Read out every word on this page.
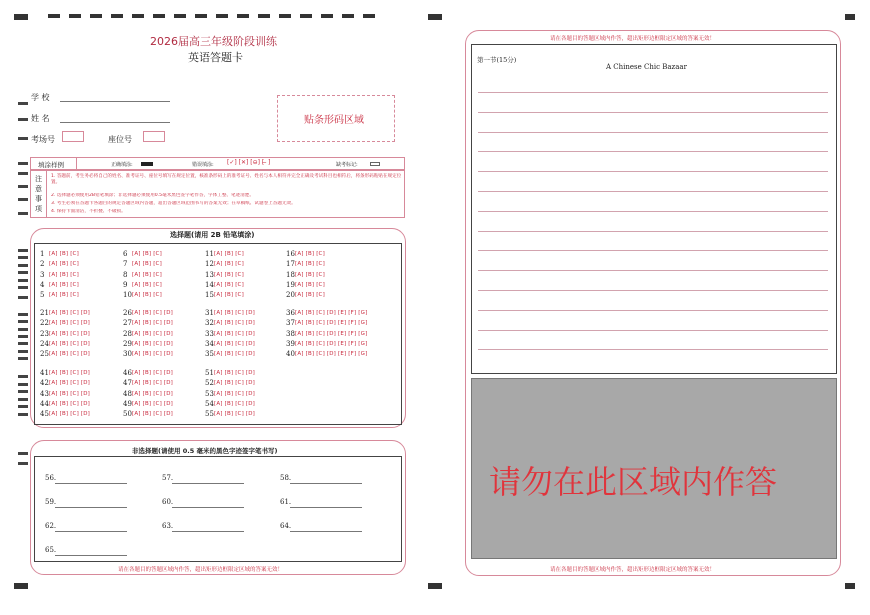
2026届高三年级阶段训练
英语答题卡
学 校
姓 名
考场号	座位号
贴条形码区域
填涂样例	正确填涂:	错误填涂: [✓] [✕] [⊖] [ ̶ ]	缺考标记:
注意事项
1. 答题前，考生务必将自己的姓名、准考证号、座位号填写在规定位置，核准条形码上的准考证号、姓名与本人相符并完全正确及考试科目也相符后，将条形码粘贴在规定位置。
2. 选择题必须使用2B铅笔填涂；非选择题必须使用0.5毫米黑色签字笔作答，字体工整、笔迹清楚。
3. 考生必须在答题卡各题目的规定答题区域内答题，超出答题区域范围书写的答案无效；在草稿纸、试题卷上答题无效。
4. 保持卡面清洁，不折叠、不破损。
选择题(请用 2B 铅笔填涂)
1 [A] [B] [C]	6 [A] [B] [C]	11 [A] [B] [C]	16 [A] [B] [C]
2 [A] [B] [C]	7 [A] [B] [C]	12 [A] [B] [C]	17 [A] [B] [C]
3 [A] [B] [C]	8 [A] [B] [C]	13 [A] [B] [C]	18 [A] [B] [C]
4 [A] [B] [C]	9 [A] [B] [C]	14 [A] [B] [C]	19 [A] [B] [C]
5 [A] [B] [C]	10 [A] [B] [C]	15 [A] [B] [C]	20 [A] [B] [C]
21 [A] [B] [C] [D]	26 [A] [B] [C] [D]	31 [A] [B] [C] [D]	36 [A] [B] [C] [D] [E] [F] [G]
22 [A] [B] [C] [D]	27 [A] [B] [C] [D]	32 [A] [B] [C] [D]	37 [A] [B] [C] [D] [E] [F] [G]
23 [A] [B] [C] [D]	28 [A] [B] [C] [D]	33 [A] [B] [C] [D]	38 [A] [B] [C] [D] [E] [F] [G]
24 [A] [B] [C] [D]	29 [A] [B] [C] [D]	34 [A] [B] [C] [D]	39 [A] [B] [C] [D] [E] [F] [G]
25 [A] [B] [C] [D]	30 [A] [B] [C] [D]	35 [A] [B] [C] [D]	40 [A] [B] [C] [D] [E] [F] [G]
41 [A] [B] [C] [D]	46 [A] [B] [C] [D]	51 [A] [B] [C] [D]
42 [A] [B] [C] [D]	47 [A] [B] [C] [D]	52 [A] [B] [C] [D]
43 [A] [B] [C] [D]	48 [A] [B] [C] [D]	53 [A] [B] [C] [D]
44 [A] [B] [C] [D]	49 [A] [B] [C] [D]	54 [A] [B] [C] [D]
45 [A] [B] [C] [D]	50 [A] [B] [C] [D]	55 [A] [B] [C] [D]
非选择题(请使用 0.5 毫米的黑色字迹签字笔书写)
56.	57.	58.
59.	60.	61.
62.	63.	64.
65.
请在各题目的答题区域内作答，超出矩形边框限定区域的答案无效！
请在各题目的答题区域内作答，超出矩形边框限定区域的答案无效！
第一节(15分)
A Chinese Chic Bazaar
请勿在此区域内作答
请在各题目的答题区域内作答，超出矩形边框限定区域的答案无效！
